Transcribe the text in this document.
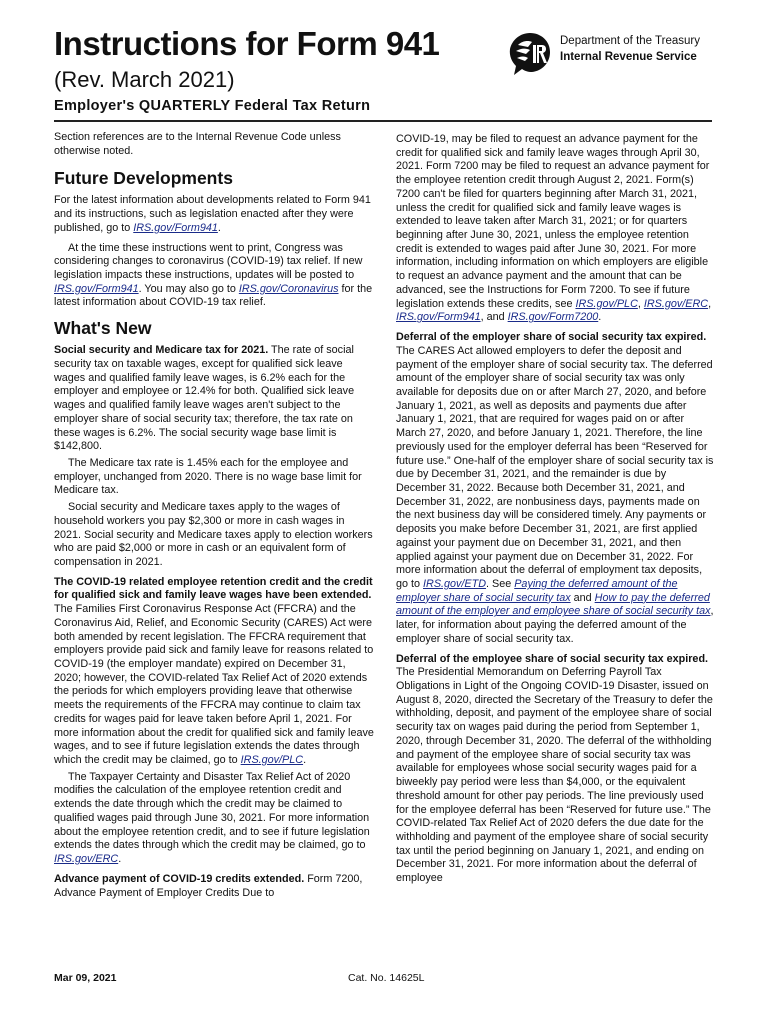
Instructions for Form 941
(Rev. March 2021)
Employer's QUARTERLY Federal Tax Return
Department of the Treasury
Internal Revenue Service

Section references are to the Internal Revenue Code unless otherwise noted.

Future Developments

For the latest information about developments related to Form 941 and its instructions, such as legislation enacted after they were published, go to IRS.gov/Form941.

At the time these instructions went to print, Congress was considering changes to coronavirus (COVID-19) tax relief. If new legislation impacts these instructions, updates will be posted to IRS.gov/Form941. You may also go to IRS.gov/Coronavirus for the latest information about COVID-19 tax relief.

What's New

Social security and Medicare tax for 2021. The rate of social security tax on taxable wages, except for qualified sick leave wages and qualified family leave wages, is 6.2% each for the employer and employee or 12.4% for both. Qualified sick leave wages and qualified family leave wages aren't subject to the employer share of social security tax; therefore, the tax rate on these wages is 6.2%. The social security wage base limit is $142,800.

The Medicare tax rate is 1.45% each for the employee and employer, unchanged from 2020. There is no wage base limit for Medicare tax.

Social security and Medicare taxes apply to the wages of household workers you pay $2,300 or more in cash wages in 2021. Social security and Medicare taxes apply to election workers who are paid $2,000 or more in cash or an equivalent form of compensation in 2021.

The COVID-19 related employee retention credit and the credit for qualified sick and family leave wages have been extended. The Families First Coronavirus Response Act (FFCRA) and the Coronavirus Aid, Relief, and Economic Security (CARES) Act were both amended by recent legislation. The FFCRA requirement that employers provide paid sick and family leave for reasons related to COVID-19 (the employer mandate) expired on December 31, 2020; however, the COVID-related Tax Relief Act of 2020 extends the periods for which employers providing leave that otherwise meets the requirements of the FFCRA may continue to claim tax credits for wages paid for leave taken before April 1, 2021. For more information about the credit for qualified sick and family leave wages, and to see if future legislation extends the dates through which the credit may be claimed, go to IRS.gov/PLC.

The Taxpayer Certainty and Disaster Tax Relief Act of 2020 modifies the calculation of the employee retention credit and extends the date through which the credit may be claimed to qualified wages paid through June 30, 2021. For more information about the employee retention credit, and to see if future legislation extends the dates through which the credit may be claimed, go to IRS.gov/ERC.

Advance payment of COVID-19 credits extended. Form 7200, Advance Payment of Employer Credits Due to

COVID-19, may be filed to request an advance payment for the credit for qualified sick and family leave wages through April 30, 2021. Form 7200 may be filed to request an advance payment for the employee retention credit through August 2, 2021. Form(s) 7200 can't be filed for quarters beginning after March 31, 2021, unless the credit for qualified sick and family leave wages is extended to leave taken after March 31, 2021; or for quarters beginning after June 30, 2021, unless the employee retention credit is extended to wages paid after June 30, 2021. For more information, including information on which employers are eligible to request an advance payment and the amount that can be advanced, see the Instructions for Form 7200. To see if future legislation extends these credits, see IRS.gov/PLC, IRS.gov/ERC, IRS.gov/Form941, and IRS.gov/Form7200.

Deferral of the employer share of social security tax expired. The CARES Act allowed employers to defer the deposit and payment of the employer share of social security tax. The deferred amount of the employer share of social security tax was only available for deposits due on or after March 27, 2020, and before January 1, 2021, as well as deposits and payments due after January 1, 2021, that are required for wages paid on or after March 27, 2020, and before January 1, 2021. Therefore, the line previously used for the employer deferral has been “Reserved for future use.” One-half of the employer share of social security tax is due by December 31, 2021, and the remainder is due by December 31, 2022. Because both December 31, 2021, and December 31, 2022, are nonbusiness days, payments made on the next business day will be considered timely. Any payments or deposits you make before December 31, 2021, are first applied against your payment due on December 31, 2021, and then applied against your payment due on December 31, 2022. For more information about the deferral of employment tax deposits, go to IRS.gov/ETD. See Paying the deferred amount of the employer share of social security tax and How to pay the deferred amount of the employer and employee share of social security tax, later, for information about paying the deferred amount of the employer share of social security tax.

Deferral of the employee share of social security tax expired. The Presidential Memorandum on Deferring Payroll Tax Obligations in Light of the Ongoing COVID-19 Disaster, issued on August 8, 2020, directed the Secretary of the Treasury to defer the withholding, deposit, and payment of the employee share of social security tax on wages paid during the period from September 1, 2020, through December 31, 2020. The deferral of the withholding and payment of the employee share of social security tax was available for employees whose social security wages paid for a biweekly pay period were less than $4,000, or the equivalent threshold amount for other pay periods. The line previously used for the employee deferral has been “Reserved for future use.” The COVID-related Tax Relief Act of 2020 defers the due date for the withholding and payment of the employee share of social security tax until the period beginning on January 1, 2021, and ending on December 31, 2021. For more information about the deferral of employee

Mar 09, 2021	Cat. No. 14625L
